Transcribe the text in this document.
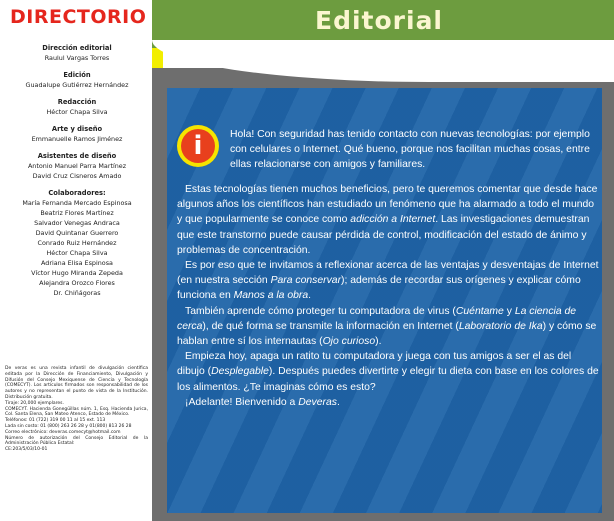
DIRECTORIO
Dirección editorial
Raulul Vargas Torres
Edición
Guadalupe Gutiérrez Hernández
Redacción
Héctor Chapa Silva
Arte y diseño
Emmanuelle Ramos Jiménez
Asistentes de diseño
Antonio Manuel Parra Martínez
David Cruz Cisneros Amado
Colaboradores:
María Fernanda Mercado Espinosa
Beatriz Flores Martínez
Salvador Venegas Andraca
David Quintanar Guerrero
Conrado Ruiz Hernández
Héctor Chapa Silva
Adriana Elisa Espinosa
Víctor Hugo Miranda Zepeda
Alejandra Orozco Flores
Dr. Chiñágoras

De veras es una revista infantil de divulgación científica editada por la Dirección de Financiamiento, Divulgación y Difusión del Consejo Mexiquense de Ciencia y Tecnología (COMECYT). Los artículos firmados son responsabilidad de los autores y no representan el punto de vista de la Institución. Distribución gratuita.

Tiraje: 20,000 ejemplares.

COMECYT. Hacienda Gonegüillas núm. 1, Esq. Hacienda Jurica, Col. Santa Elena, San Mateo Atenco, Estado de México.

Teléfonos: 01 (722) 319 00 11 al 15 ext. 113

Lada sin costo: 01 (800) 263 26 28 y 01(800) 813 26 28

Correo electrónico: deveras.comecyt@hotmail.com

Número de autorización del Consejo Editorial de la Administración Pública Estatal:

CE:203/5/03/10-01

Editorial
i	Hola! Con seguridad has tenido contacto con nuevas tecnologías: por ejemplo con celulares o Internet. Qué bueno, porque nos facilitan muchas cosas, entre ellas relacionarse con amigos y familiares.

Estas tecnologías tienen muchos beneficios, pero te queremos comentar que desde hace algunos años los científicos han estudiado un fenómeno que ha alarmado a todo el mundo y que popularmente se conoce como adicción a Internet. Las investigaciones demuestran que este transtorno puede causar pérdida de control, modificación del estado de ánimo y problemas de concentración.

Es por eso que te invitamos a reflexionar acerca de las ventajas y desventajas de Internet (en nuestra sección Para conservar); además de recordar sus orígenes y explicar cómo funciona en Manos a la obra.

También aprende cómo proteger tu computadora de virus (Cuéntame y La ciencia de cerca), de qué forma se transmite la información en Internet (Laboratorio de Ika) y cómo se hablan entre sí los internautas (Ojo curioso).

Empieza hoy, apaga un ratito tu computadora y juega con tus amigos a ser el as del dibujo (Desplegable). Después puedes divertirte y elegir tu dieta con base en los colores de los alimentos. ¿Te imaginas cómo es esto?

¡Adelante! Bienvenido a Deveras.
